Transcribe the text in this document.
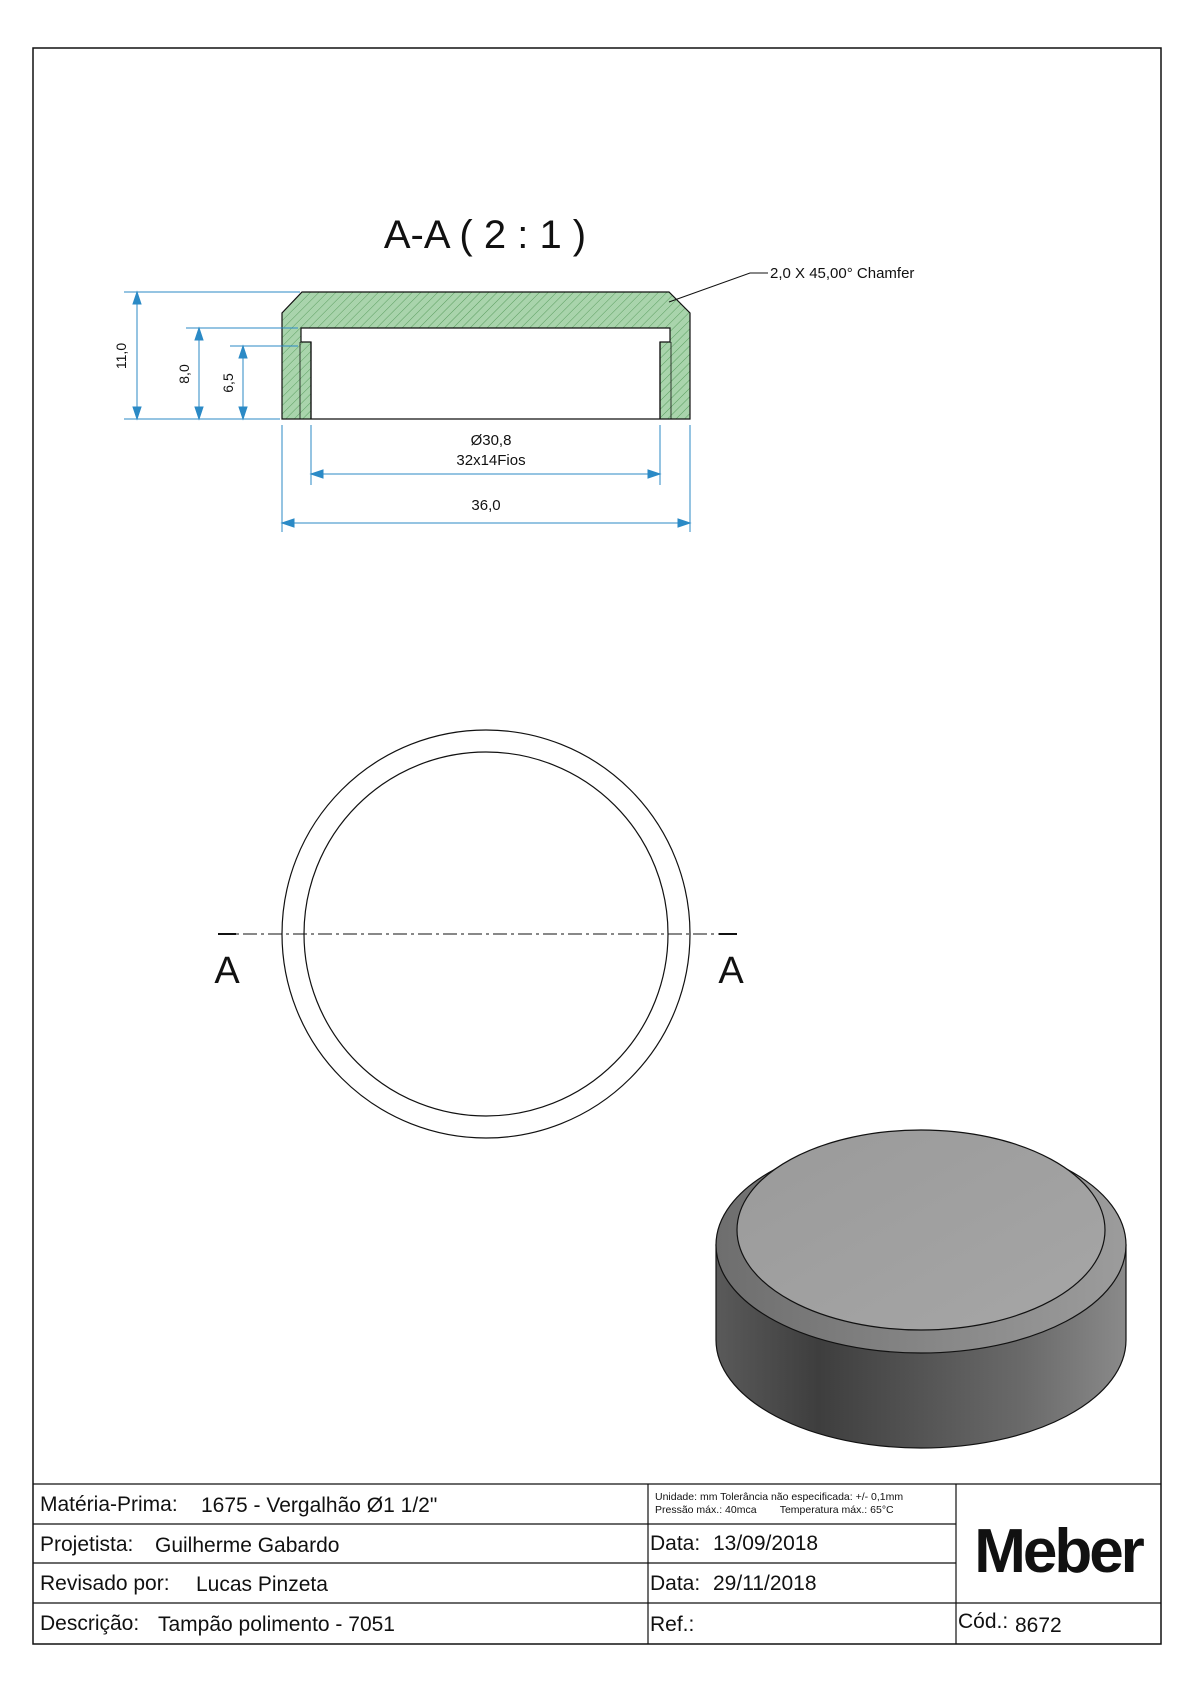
A-A ( 2 : 1 )
2,0 X 45,00° Chamfer
11,0
8,0 6,5
Ø30,8
32x14Fios
36,0
A	A
Matéria-Prima: 1675 - Vergalhão Ø1 1/2"	Unidade: mm Tolerância não especificada: +/- 0,1mm
Pressão máx.: 40mca        Temperatura máx.: 65°C
Projetista: Guilherme Gabardo	Data: 13/09/2018
Revisado por: Lucas Pinzeta	Data: 29/11/2018
Descrição: Tampão polimento - 7051	Ref.:	Cód.: 8672
Meber
